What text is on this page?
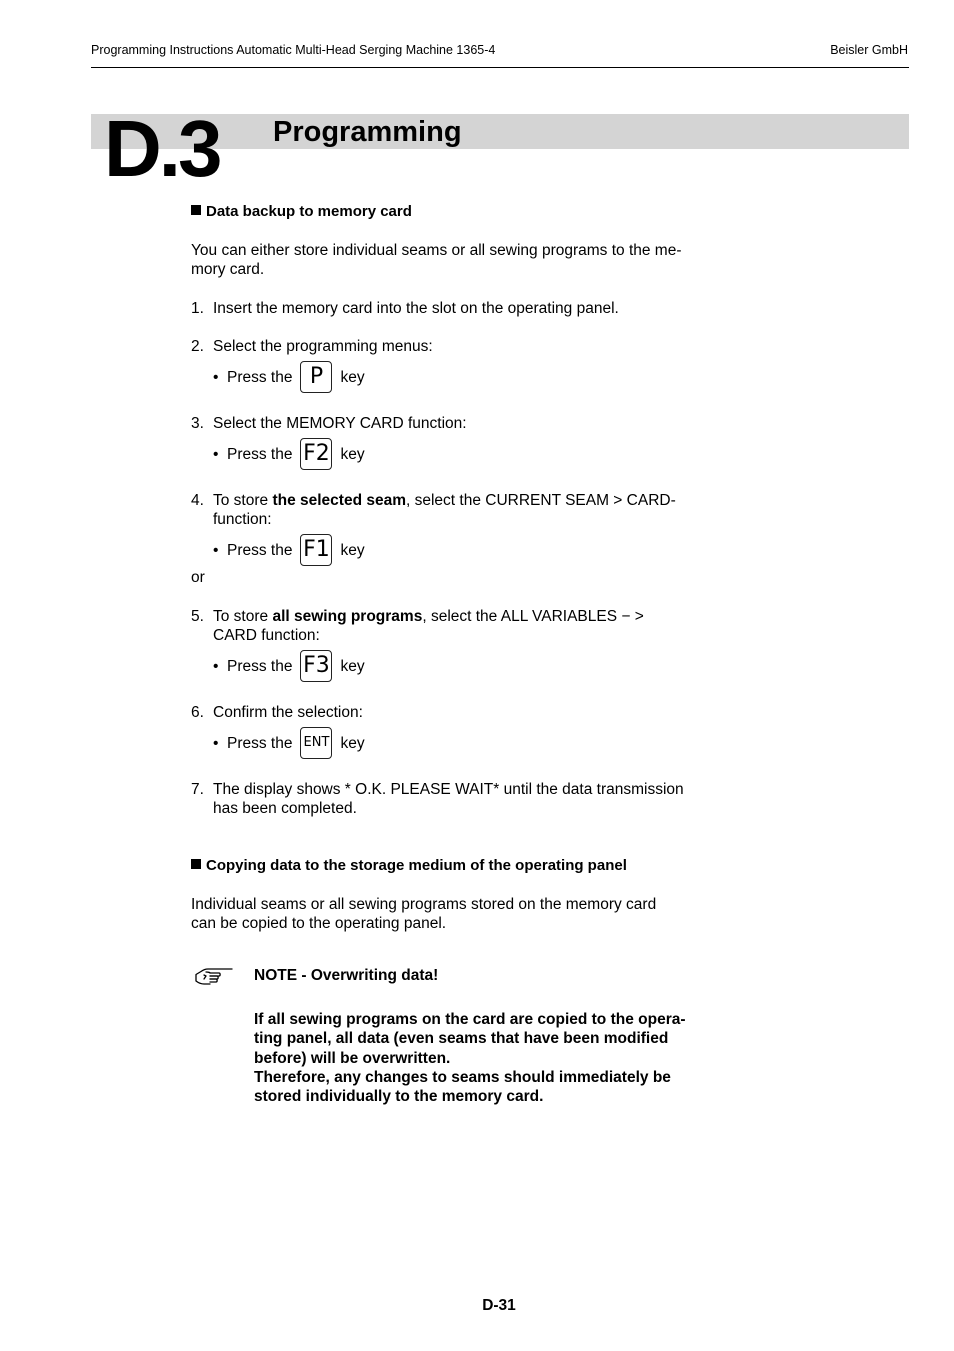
Programming Instructions Automatic Multi-Head Serging Machine 1365-4	Beisler GmbH
D.3 Programming
Data backup to memory card
You can either store individual seams or all sewing programs to the me-
mory card.
1. Insert the memory card into the slot on the operating panel.
2. Select the programming menus:
• Press the P key
3. Select the MEMORY CARD function:
• Press the F2 key
4. To store the selected seam, select the CURRENT SEAM > CARD-
function:
• Press the F1 key
or
5. To store all sewing programs, select the ALL VARIABLES − >
CARD function:
• Press the F3 key
6. Confirm the selection:
• Press the ENT key
7. The display shows * O.K. PLEASE WAIT* until the data transmission
has been completed.
Copying data to the storage medium of the operating panel
Individual seams or all sewing programs stored on the memory card
can be copied to the operating panel.
NOTE - Overwriting data!
If all sewing programs on the card are copied to the opera-
ting panel, all data (even seams that have been modified
before) will be overwritten.
Therefore, any changes to seams should immediately be
stored individually to the memory card.
D-31
